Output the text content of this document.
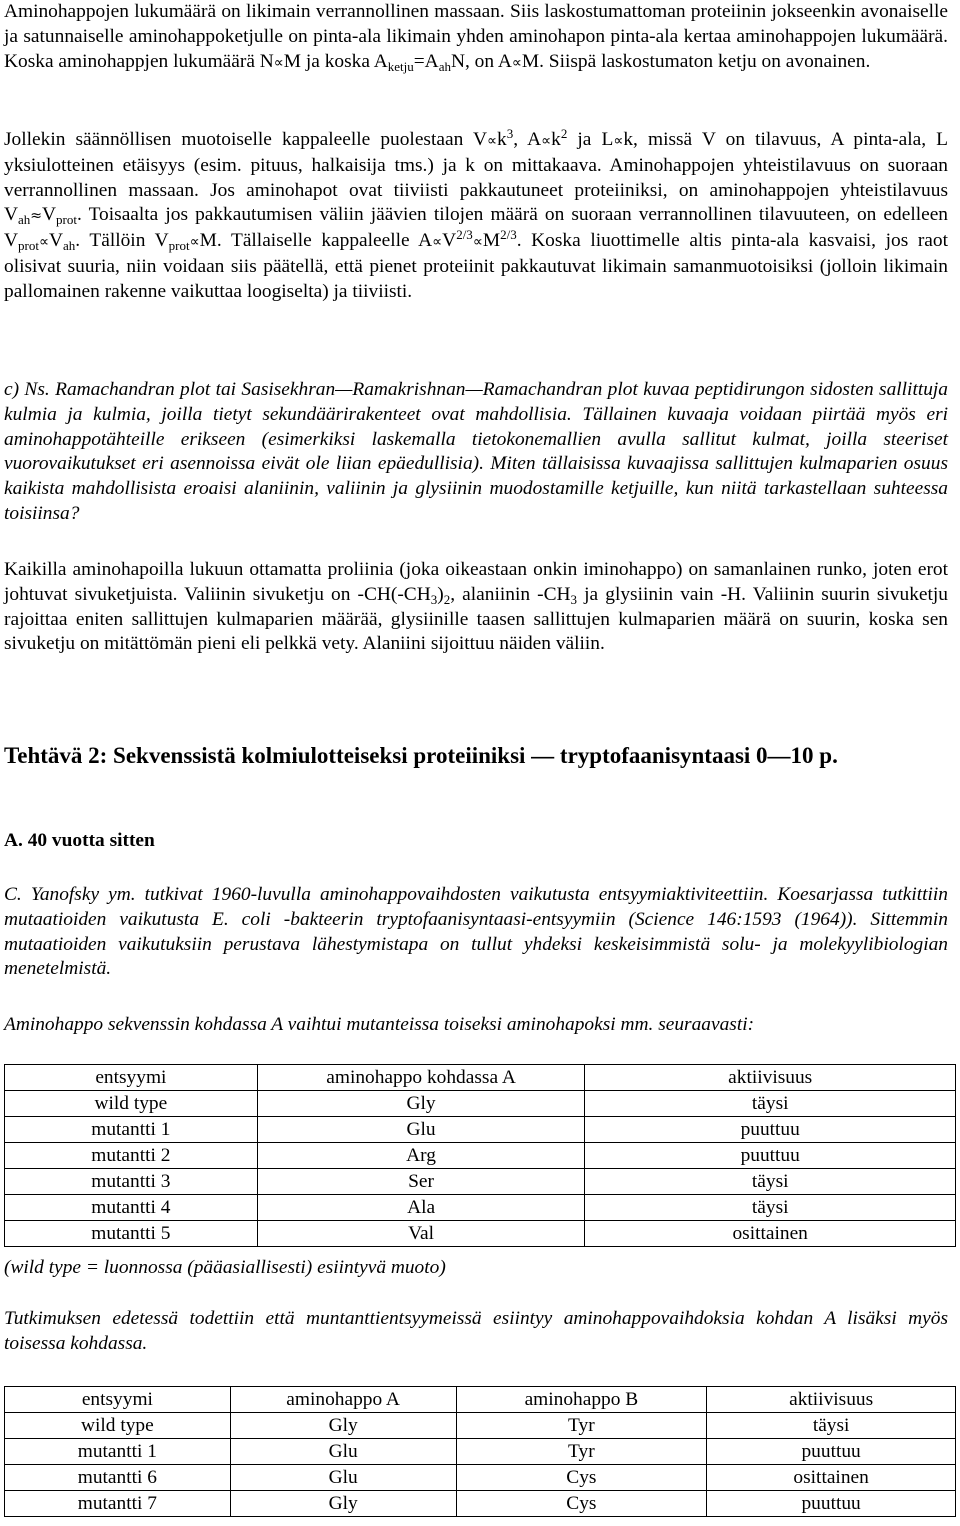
Aminohappojen lukumäärä on likimain verrannollinen massaan. Siis laskostumattoman proteiinin jokseenkin avonaiselle ja satunnaiselle aminohappoketjulle on pinta-ala likimain yhden aminohapon pinta-ala kertaa aminohappojen lukumäärä. Koska aminohappjen lukumäärä N∝M ja koska $A_{ketju}=A_{ah}N$, on A∝M. Siispä laskostumaton ketju on avonainen.

Jollekin säännöllisen muotoiselle kappaleelle puolestaan $V\propto k^3$, $A\propto k^2$ ja L∝k, missä V on tilavuus, A pinta-ala, L yksiulotteinen etäisyys (esim. pituus, halkaisija tms.) ja k on mittakaava. Aminohappojen yhteistilavuus on suoraan verrannollinen massaan. Jos aminohapot ovat tiiviisti pakkautuneet proteiiniksi, on aminohappojen yhteistilavuus $V_{ah}\approx V_{prot}$. Toisaalta jos pakkautumisen väliin jäävien tilojen määrä on suoraan verrannollinen tilavuuteen, on edelleen $V_{prot}\propto V_{ah}$. Tällöin $V_{prot}\propto M$. Tällaiselle kappaleelle $A\propto V^{2/3}\propto M^{2/3}$. Koska liuottimelle altis pinta-ala kasvaisi, jos raot olisivat suuria, niin voidaan siis päätellä, että pienet proteiinit pakkautuvat likimain samanmuotoisiksi (jolloin likimain pallomainen rakenne vaikuttaa loogiselta) ja tiiviisti.

c) Ns. Ramachandran plot tai Sasisekhran—Ramakrishnan—Ramachandran plot kuvaa peptidirungon sidosten sallittuja kulmia ja kulmia, joilla tietyt sekundäärirakenteet ovat mahdollisia. Tällainen kuvaaja voidaan piirtää myös eri aminohappotähteille erikseen (esimerkiksi laskemalla tietokonemallien avulla sallitut kulmat, joilla steeriset vuorovaikutukset eri asennoissa eivät ole liian epäedullisia). Miten tällaisissa kuvaajissa sallittujen kulmaparien osuus kaikista mahdollisista eroaisi alaniinin, valiinin ja glysiinin muodostamille ketjuille, kun niitä tarkastellaan suhteessa toisiinsa?

Kaikilla aminohapoilla lukuun ottamatta proliinia (joka oikeastaan onkin iminohappo) on samanlainen runko, joten erot johtuvat sivuketjuista. Valiinin sivuketju on $-CH(-CH_3)_2$, alaniinin $-CH_3$ ja glysiinin vain -H. Valiinin suurin sivuketju rajoittaa eniten sallittujen kulmaparien määrää, glysiinille taasen sallittujen kulmaparien määrä on suurin, koska sen sivuketju on mitättömän pieni eli pelkkä vety. Alaniini sijoittuu näiden väliin.

Tehtävä 2: Sekvenssistä kolmiulotteiseksi proteiiniksi — tryptofaanisyntaasi 0—10 p.

A. 40 vuotta sitten

C. Yanofsky ym. tutkivat 1960-luvulla aminohappovaihdosten vaikutusta entsyymiaktiviteettiin. Koesarjassa tutkittiin mutaatioiden vaikutusta E. coli -bakteerin tryptofaanisyntaasi-entsyymiin (Science 146:1593 (1964)). Sittemmin mutaatioiden vaikutuksiin perustava lähestymistapa on tullut yhdeksi keskeisimmistä solu- ja molekyylibiologian menetelmistä.

Aminohappo sekvenssin kohdassa A vaihtui mutanteissa toiseksi aminohapoksi mm. seuraavasti:

entsyymi	aminohappo kohdassa A	aktiivisuus
wild type	Gly	täysi
mutantti 1	Glu	puuttuu
mutantti 2	Arg	puuttuu
mutantti 3	Ser	täysi
mutantti 4	Ala	täysi
mutantti 5	Val	osittainen

(wild type = luonnossa (pääasiallisesti) esiintyvä muoto)

Tutkimuksen edetessä todettiin että muntanttientsyymeissä esiintyy aminohappovaihdoksia kohdan A lisäksi myös toisessa kohdassa.

entsyymi	aminohappo A	aminohappo B	aktiivisuus
wild type	Gly	Tyr	täysi
mutantti 1	Glu	Tyr	puuttuu
mutantti 6	Glu	Cys	osittainen
mutantti 7	Gly	Cys	puuttuu
